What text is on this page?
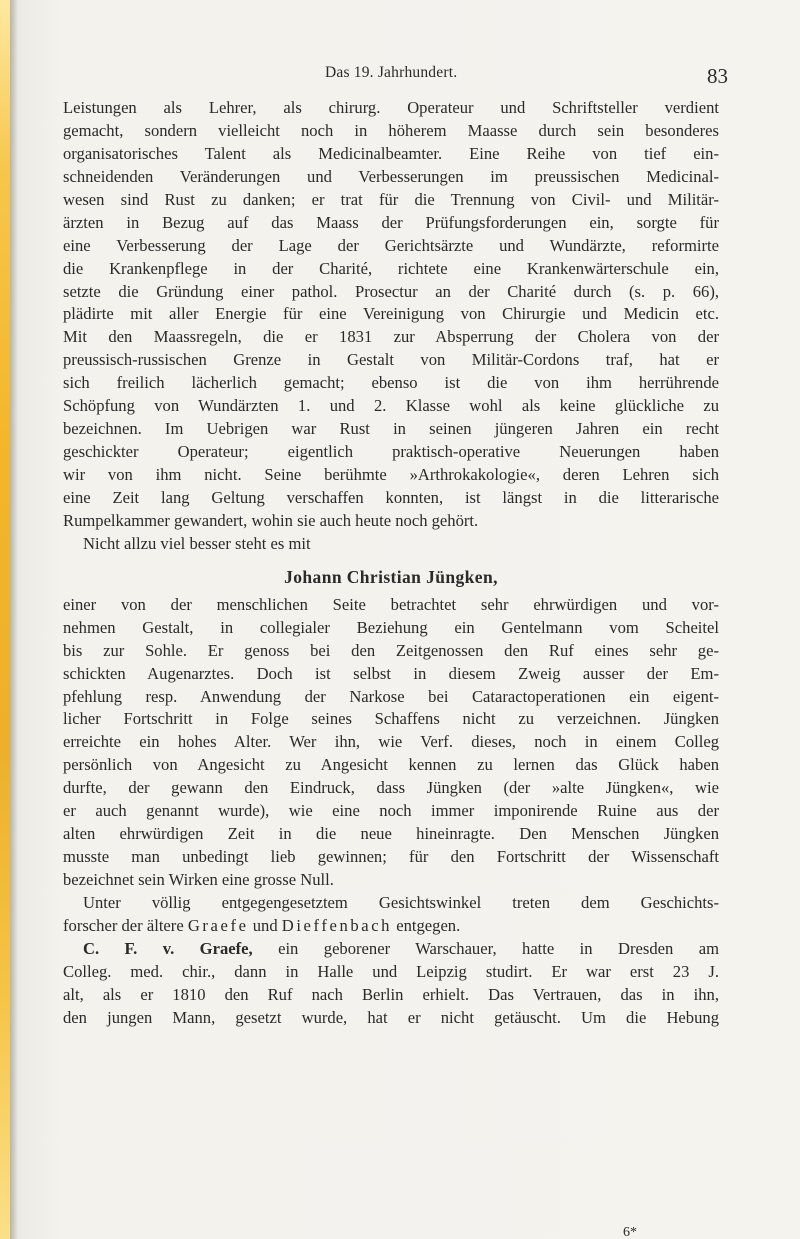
Das 19. Jahrhundert.	83
Leistungen als Lehrer, als chirurg. Operateur und Schriftsteller verdient
gemacht, sondern vielleicht noch in höherem Maasse durch sein besonderes
organisatorisches Talent als Medicinalbeamter. Eine Reihe von tief ein-
schneidenden Veränderungen und Verbesserungen im preussischen Medicinal-
wesen sind Rust zu danken; er trat für die Trennung von Civil- und Militär-
ärzten in Bezug auf das Maass der Prüfungsforderungen ein, sorgte für
eine Verbesserung der Lage der Gerichtsärzte und Wundärzte, reformirte
die Krankenpflege in der Charité, richtete eine Krankenwärterschule ein,
setzte die Gründung einer pathol. Prosectur an der Charité durch (s. p. 66),
plädirte mit aller Energie für eine Vereinigung von Chirurgie und Medicin etc.
Mit den Maassregeln, die er 1831 zur Absperrung der Cholera von der
preussisch-russischen Grenze in Gestalt von Militär-Cordons traf, hat er
sich freilich lächerlich gemacht; ebenso ist die von ihm herrührende
Schöpfung von Wundärzten 1. und 2. Klasse wohl als keine glückliche zu
bezeichnen. Im Uebrigen war Rust in seinen jüngeren Jahren ein recht
geschickter Operateur; eigentlich praktisch-operative Neuerungen haben
wir von ihm nicht. Seine berühmte »Arthrokakologie«, deren Lehren sich
eine Zeit lang Geltung verschaffen konnten, ist längst in die litterarische
Rumpelkammer gewandert, wohin sie auch heute noch gehört.
Nicht allzu viel besser steht es mit
Johann Christian Jüngken,
einer von der menschlichen Seite betrachtet sehr ehrwürdigen und vor-
nehmen Gestalt, in collegialer Beziehung ein Gentelmann vom Scheitel
bis zur Sohle. Er genoss bei den Zeitgenossen den Ruf eines sehr ge-
schickten Augenarztes. Doch ist selbst in diesem Zweig ausser der Em-
pfehlung resp. Anwendung der Narkose bei Cataractoperationen ein eigent-
licher Fortschritt in Folge seines Schaffens nicht zu verzeichnen. Jüngken
erreichte ein hohes Alter. Wer ihn, wie Verf. dieses, noch in einem Colleg
persönlich von Angesicht zu Angesicht kennen zu lernen das Glück haben
durfte, der gewann den Eindruck, dass Jüngken (der »alte Jüngken«, wie
er auch genannt wurde), wie eine noch immer imponirende Ruine aus der
alten ehrwürdigen Zeit in die neue hineinragte. Den Menschen Jüngken
musste man unbedingt lieb gewinnen; für den Fortschritt der Wissenschaft
bezeichnet sein Wirken eine grosse Null.
Unter völlig entgegengesetztem Gesichtswinkel treten dem Geschichts-
forscher der ältere Graefe und Dieffenbach entgegen.
C. F. v. Graefe, ein geborener Warschauer, hatte in Dresden am
Colleg. med. chir., dann in Halle und Leipzig studirt. Er war erst 23 J.
alt, als er 1810 den Ruf nach Berlin erhielt. Das Vertrauen, das in ihn,
den jungen Mann, gesetzt wurde, hat er nicht getäuscht. Um die Hebung
6*
